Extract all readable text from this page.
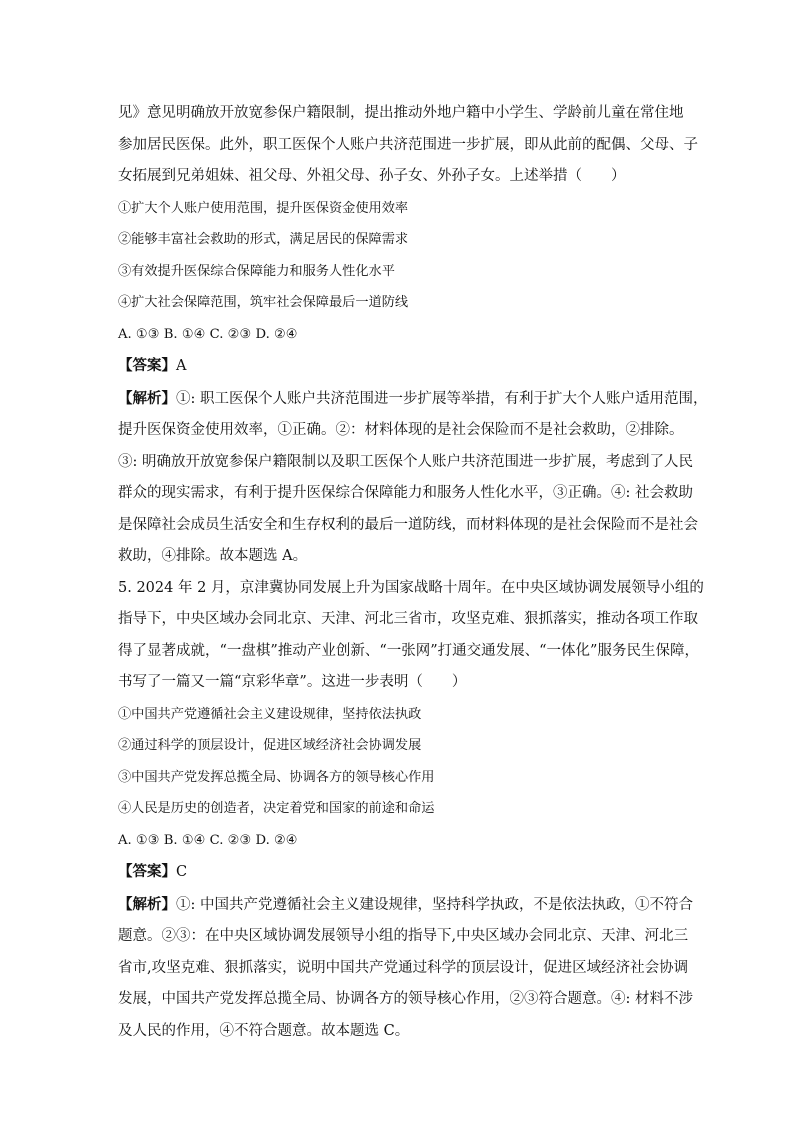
见》意见明确放开放宽参保户籍限制，提出推动外地户籍中小学生、学龄前儿童在常住地
参加居民医保。此外，职工医保个人账户共济范围进一步扩展，即从此前的配偶、父母、子
女拓展到兄弟姐妹、祖父母、外祖父母、孙子女、外孙子女。上述举措（　　）
①扩大个人账户使用范围，提升医保资金使用效率
②能够丰富社会救助的形式，满足居民的保障需求
③有效提升医保综合保障能力和服务人性化水平
④扩大社会保障范围，筑牢社会保障最后一道防线
A. ①③ B. ①④ C. ②③ D. ②④
【答案】A
【解析】①: 职工医保个人账户共济范围进一步扩展等举措，有利于扩大个人账户适用范围，
提升医保资金使用效率，①正确。②：材料体现的是社会保险而不是社会救助，②排除。
③: 明确放开放宽参保户籍限制以及职工医保个人账户共济范围进一步扩展，考虑到了人民
群众的现实需求，有利于提升医保综合保障能力和服务人性化水平，③正确。④: 社会救助
是保障社会成员生活安全和生存权利的最后一道防线，而材料体现的是社会保险而不是社会
救助，④排除。故本题选 A。
5. 2024 年 2 月，京津冀协同发展上升为国家战略十周年。在中央区域协调发展领导小组的
指导下，中央区域办会同北京、天津、河北三省市，攻坚克难、狠抓落实，推动各项工作取
得了显著成就，“一盘棋”推动产业创新、“一张网”打通交通发展、“一体化”服务民生保障，
书写了一篇又一篇“京彩华章”。这进一步表明（　　）
①中国共产党遵循社会主义建设规律，坚持依法执政
②通过科学的顶层设计，促进区域经济社会协调发展
③中国共产党发挥总揽全局、协调各方的领导核心作用
④人民是历史的创造者，决定着党和国家的前途和命运
A. ①③ B. ①④ C. ②③ D. ②④
【答案】C
【解析】①: 中国共产党遵循社会主义建设规律，坚持科学执政，不是依法执政，①不符合
题意。②③：在中央区域协调发展领导小组的指导下,中央区域办会同北京、天津、河北三
省市,攻坚克难、狠抓落实，说明中国共产党通过科学的顶层设计，促进区域经济社会协调
发展，中国共产党发挥总揽全局、协调各方的领导核心作用，②③符合题意。④: 材料不涉
及人民的作用，④不符合题意。故本题选 C。
